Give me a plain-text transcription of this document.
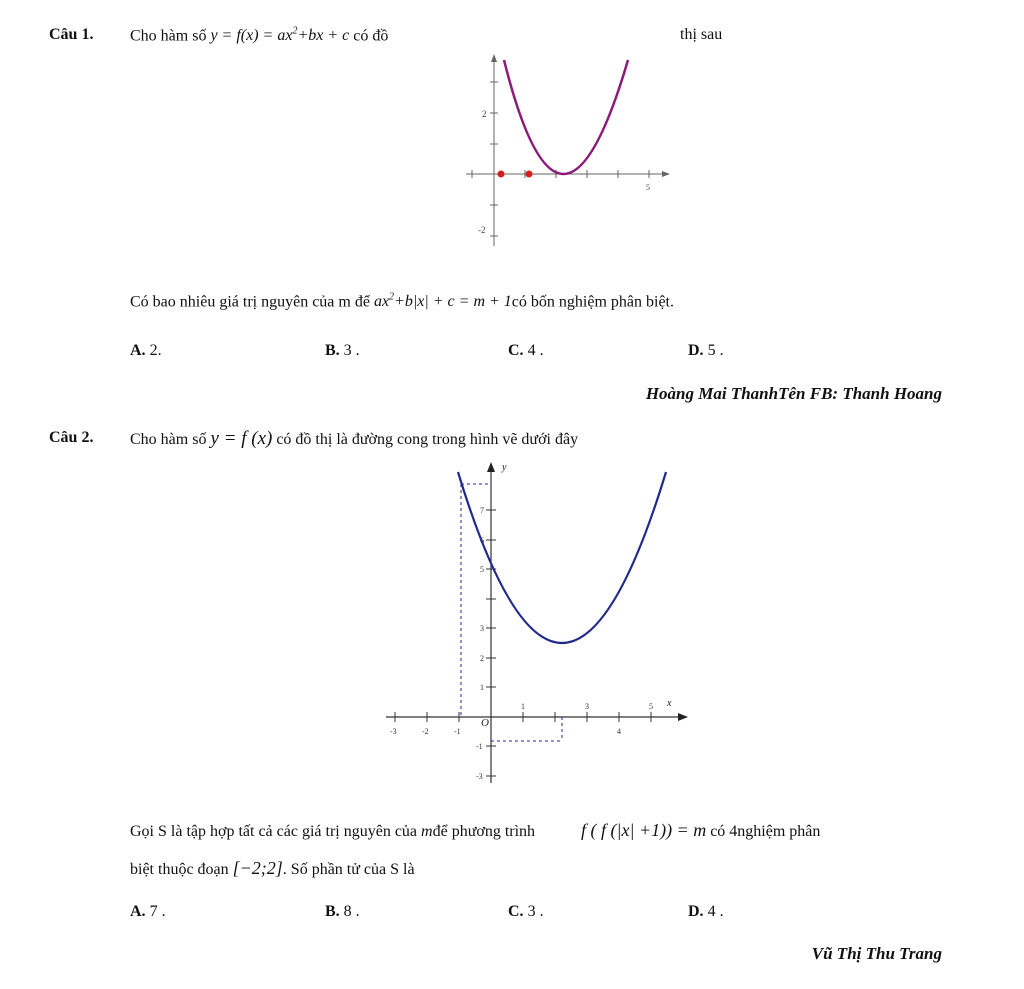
Câu 1. Cho hàm số $y = f(x) = ax^2+bx + c$ có đồ	thị sau
2
-2
5
Có bao nhiêu giá trị nguyên của m để $ax^2+b|x| + c = m$ + 1có bốn nghiệm phân biệt.
A. 2.	B. 3 .	C. 4 .	D. 5 .
Hoàng Mai ThanhTên FB: Thanh Hoang
Câu 2. Cho hàm số y = f (x) có đồ thị là đường cong trong hình vẽ dưới đây
y
x
O
7
6
5
3
2
1
-1
-3
-3	-2	-1
1	3
4
5
Gọi S là tập hợp tất cả các giá trị nguyên của mđể phương trình	f ( f (|x| +1)) = m có 4nghiệm phân
biệt thuộc đoạn [−2;2]. Số phần tử của S là
A. 7 .	B. 8 .	C. 3 .	D. 4 .
Vũ Thị Thu Trang
